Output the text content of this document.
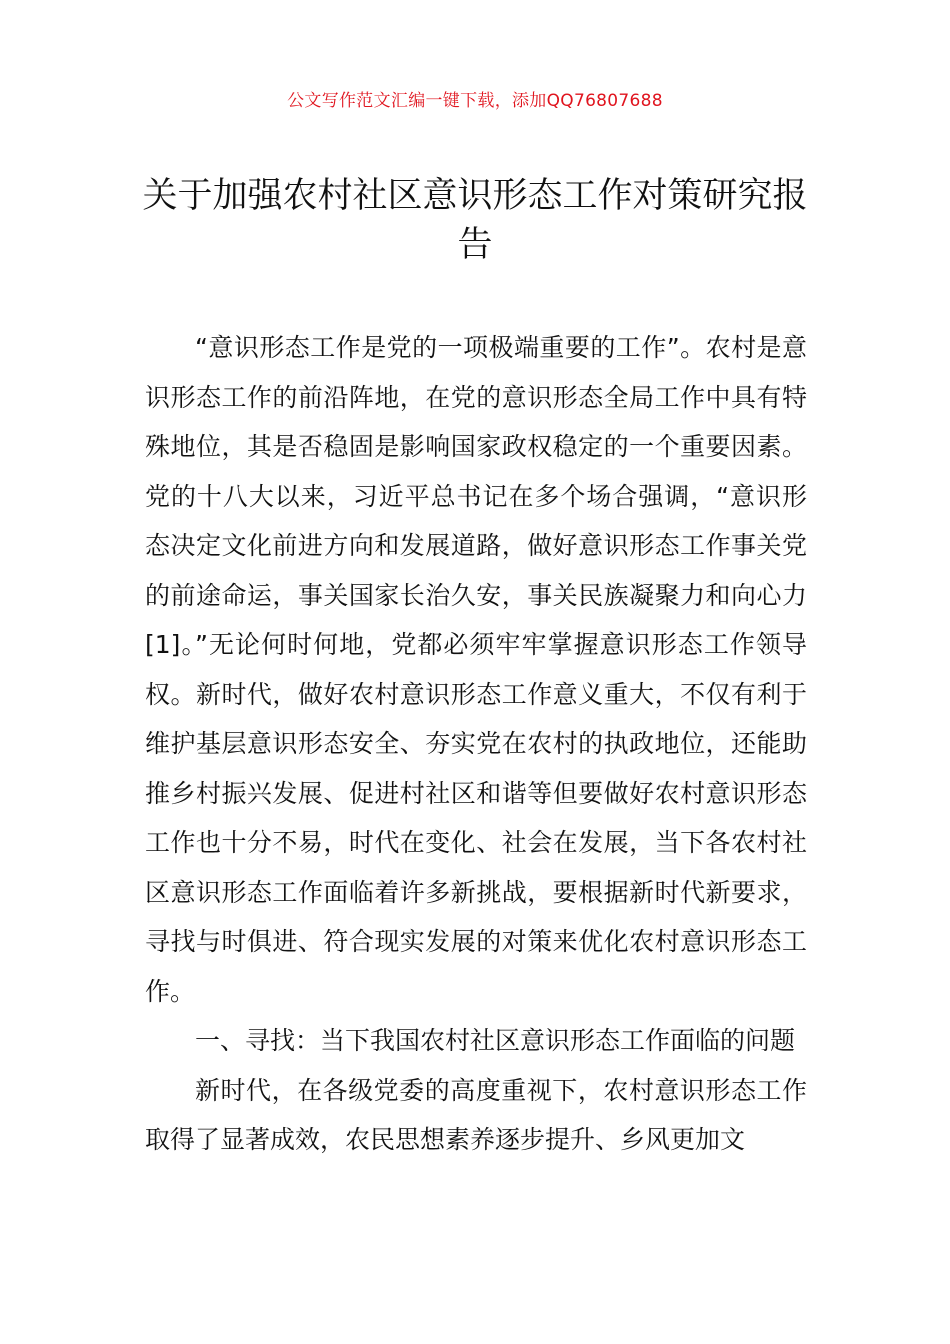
公文写作范文汇编一键下载，添加QQ76807688
关于加强农村社区意识形态工作对策研究报告

“意识形态工作是党的一项极端重要的工作”。农村是意识形态工作的前沿阵地，在党的意识形态全局工作中具有特殊地位，其是否稳固是影响国家政权稳定的一个重要因素。党的十八大以来，习近平总书记在多个场合强调，“意识形态决定文化前进方向和发展道路，做好意识形态工作事关党的前途命运，事关国家长治久安，事关民族凝聚力和向心力[1]。”无论何时何地，党都必须牢牢掌握意识形态工作领导权。新时代，做好农村意识形态工作意义重大，不仅有利于维护基层意识形态安全、夯实党在农村的执政地位，还能助推乡村振兴发展、促进村社区和谐等但要做好农村意识形态工作也十分不易，时代在变化、社会在发展，当下各农村社区意识形态工作面临着许多新挑战，要根据新时代新要求，寻找与时俱进、符合现实发展的对策来优化农村意识形态工作。

一、寻找：当下我国农村社区意识形态工作面临的问题

新时代，在各级党委的高度重视下，农村意识形态工作取得了显著成效，农民思想素养逐步提升、乡风更加文
